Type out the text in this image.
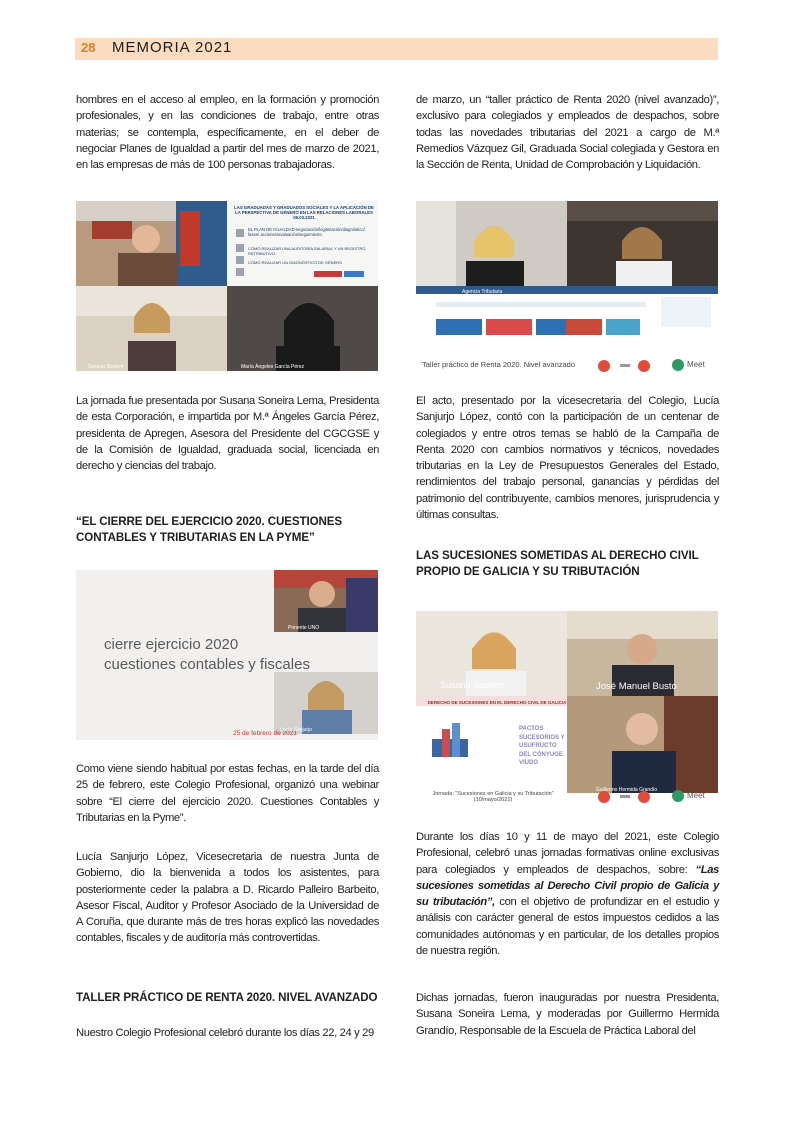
28 MEMORIA 2021

hombres en el acceso al empleo, en la formación y promoción profesionales, y en las condiciones de trabajo, entre otras materias; se contempla, específicamente, en el deber de negociar Planes de Igualdad a partir del mes de marzo de 2021, en las empresas de más de 100 personas trabajadoras.

LAS GRADUADAS Y GRADUADOS SOCIALES Y LA APLICACIÓN DE LA PERSPECTIVA DE GÉNERO EN LAS RELACIONES LABORALES 09.03.2021
EL PLAN DE IGUALDAD negociación/legitimación/diagnóstico/ fases/ acciones/evaluación/seguimiento
CÓMO REALIZAR UNA AUDITORÍA SALARIAL Y UN REGISTRO RETRIBUTIVO
CÓMO REALIZAR UN DIAGNÓSTICO DE GÉNERO
Susana Scotem	María Ángeles García Pérez

La jornada fue presentada por Susana Soneira Lema, Presidenta de esta Corporación, e impartida por M.ª Ángeles García Pérez, presidenta de Apregen, Asesora del Presidente del CGCGSE y de la Comisión de Igualdad, graduada social, licenciada en derecho y ciencias del trabajo.

“EL CIERRE DEL EJERCICIO 2020. CUESTIONES CONTABLES Y TRIBUTARIAS EN LA PYME”

cierre ejercicio 2020
cuestiones contables y fiscales
25 de febrero de 2021
Ponente UNO
Lucía Sanjurjo

Como viene siendo habitual por estas fechas, en la tarde del día 25 de febrero, este Colegio Profesional, organizó una webinar sobre “El cierre del ejercicio 2020. Cuestiones Contables y Tributarias en la Pyme”.

Lucía Sanjurjo López, Vicesecretaria de nuestra Junta de Gobierno, dio la bienvenida a todos los asistentes, para posteriormente ceder la palabra a D. Ricardo Palleiro Barbeito, Asesor Fiscal, Auditor y Profesor Asociado de la Universidad de A Coruña, que durante más de tres horas explicó las novedades contables, fiscales y de auditoría más controvertidas.

TALLER PRÁCTICO DE RENTA 2020. NIVEL AVANZADO

Nuestro Colegio Profesional celebró durante los días 22, 24 y 29

de marzo, un “taller práctico de Renta 2020 (nivel avanzado)”, exclusivo para colegiados y empleados de despachos, sobre todas las novedades tributarias del 2021 a cargo de M.ª Remedios Vázquez Gil, Graduada Social colegiada y Gestora en la Sección de Renta, Unidad de Comprobación y Liquidación.

Agencia Tributaria
Taller práctico de Renta 2020. Nivel avanzado	Meet

El acto, presentado por la vicesecretaria del Colegio, Lucía Sanjurjo López, contó con la participación de un centenar de colegiados y entre otros temas se habló de la Campaña de Renta 2020 con cambios normativos y técnicos, novedades tributarias en la Ley de Presupuestos Generales del Estado, rendimientos del trabajo personal, ganancias y pérdidas del patrimonio del contribuyente, cambios menores, jurisprudencia y últimas consultas.

LAS SUCESIONES SOMETIDAS AL DERECHO CIVIL PROPIO DE GALICIA Y SU TRIBUTACIÓN

Susana Scotem	José Manuel Busto
DERECHO DE SUCESIONES EN EL DERECHO CIVIL DE GALICIA
PACTOS SUCESORIOS Y USUFRUCTO DEL CÓNYUGE VIUDO
Jornada: “Sucesiones en Galicia y su Tributación” (10/mayo/2021)
Guillermo Hermida Grandío
Meet

Durante los días 10 y 11 de mayo del 2021, este Colegio Profesional, celebró unas jornadas formativas online exclusivas para colegiados y empleados de despachos, sobre: “Las sucesiones sometidas al Derecho Civil propio de Galicia y su tributación”, con el objetivo de profundizar en el estudio y análisis con carácter general de estos impuestos cedidos a las comunidades autónomas y en particular, de los detalles propios de nuestra región.

Dichas jornadas, fueron inauguradas por nuestra Presidenta, Susana Soneira Lema, y moderadas por Guillermo Hermida Grandío, Responsable de la Escuela de Práctica Laboral del
